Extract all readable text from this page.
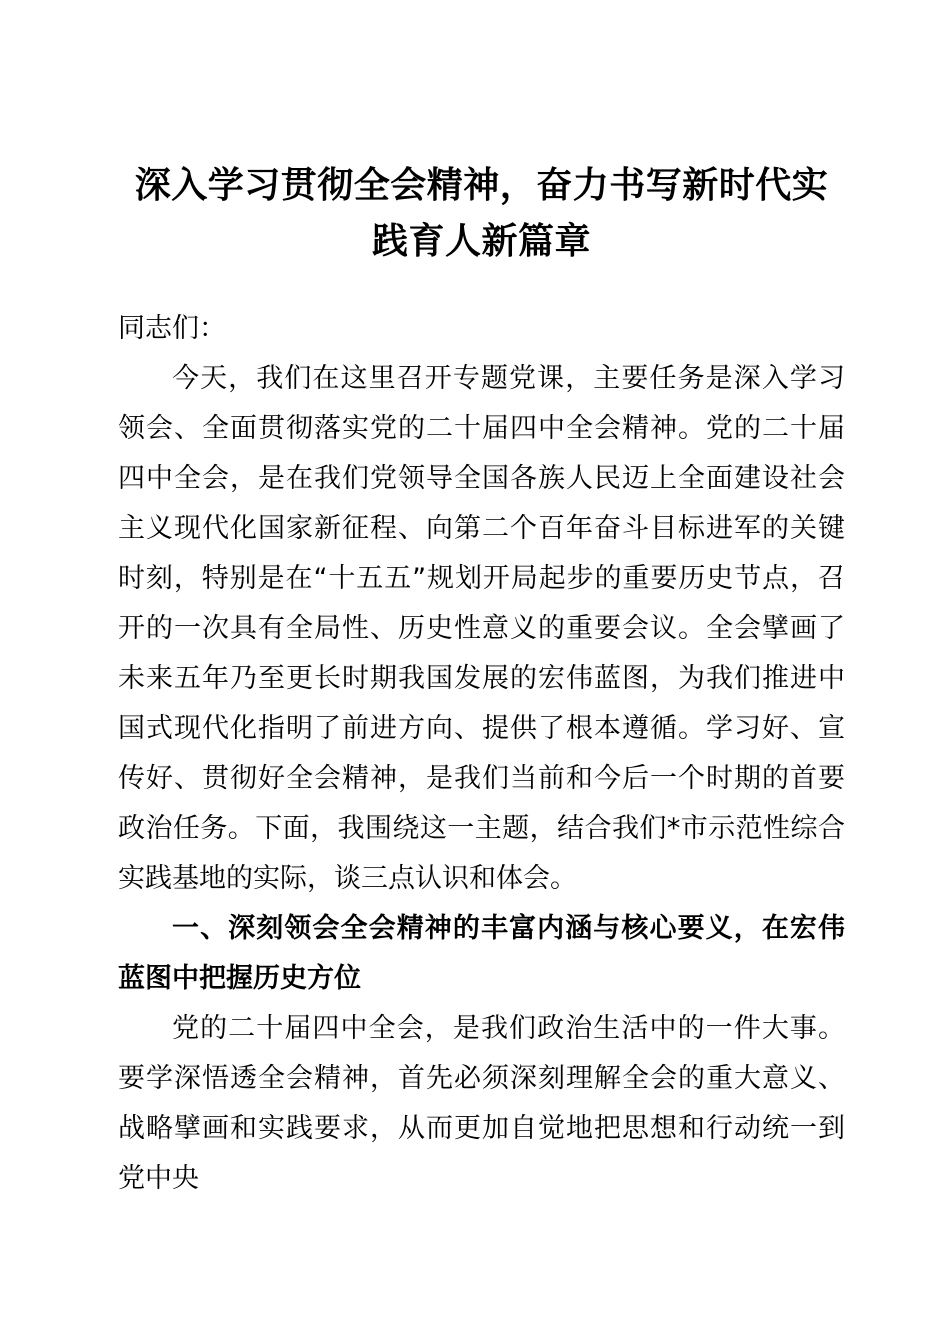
深入学习贯彻全会精神，奋力书写新时代实践育人新篇章

同志们：

今天，我们在这里召开专题党课，主要任务是深入学习领会、全面贯彻落实党的二十届四中全会精神。党的二十届四中全会，是在我们党领导全国各族人民迈上全面建设社会主义现代化国家新征程、向第二个百年奋斗目标进军的关键时刻，特别是在“十五五”规划开局起步的重要历史节点，召开的一次具有全局性、历史性意义的重要会议。全会擘画了未来五年乃至更长时期我国发展的宏伟蓝图，为我们推进中国式现代化指明了前进方向、提供了根本遵循。学习好、宣传好、贯彻好全会精神，是我们当前和今后一个时期的首要政治任务。下面，我围绕这一主题，结合我们*市示范性综合实践基地的实际，谈三点认识和体会。

一、深刻领会全会精神的丰富内涵与核心要义，在宏伟蓝图中把握历史方位

党的二十届四中全会，是我们政治生活中的一件大事。要学深悟透全会精神，首先必须深刻理解全会的重大意义、战略擘画和实践要求，从而更加自觉地把思想和行动统一到党中央
